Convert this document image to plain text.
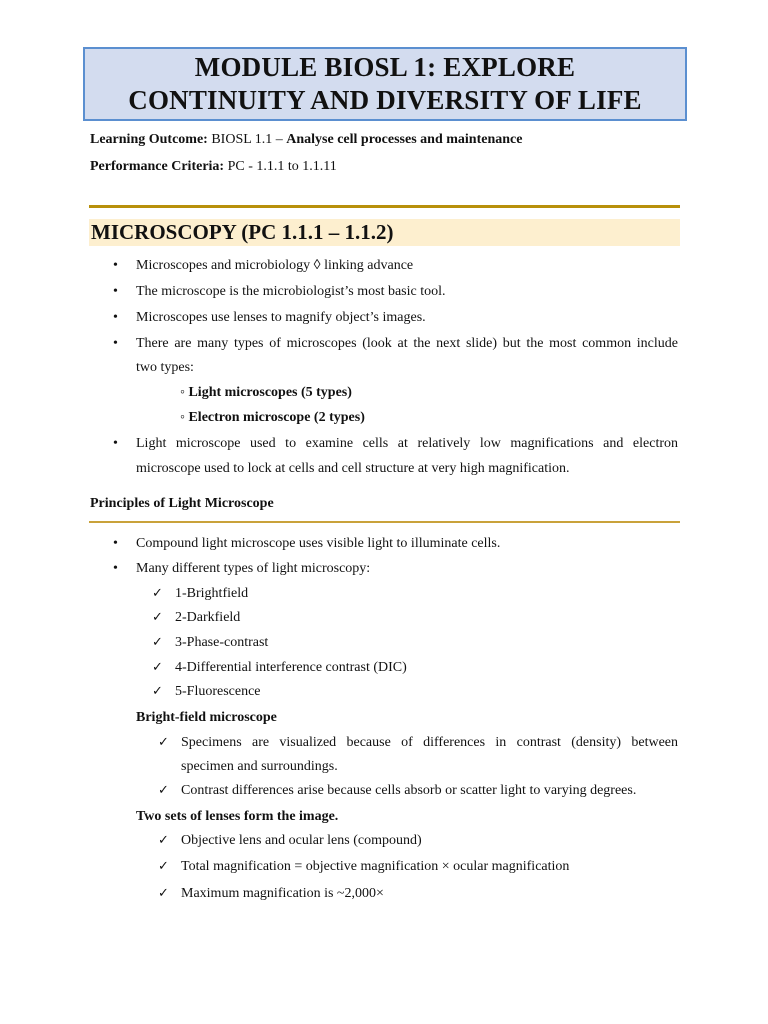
MODULE BIOSL 1: EXPLORE
CONTINUITY AND DIVERSITY OF LIFE
Learning Outcome: BIOSL 1.1 – Analyse cell processes and maintenance
Performance Criteria: PC - 1.1.1 to 1.1.11
MICROSCOPY (PC 1.1.1 – 1.1.2)
• Microscopes and microbiology ◊ linking advance
• The microscope is the microbiologist’s most basic tool.
• Microscopes use lenses to magnify object’s images.
• There are many types of microscopes (look at the next slide) but the most common include
two types:
◦ Light microscopes (5 types)
◦ Electron microscope (2 types)
• Light microscope used to examine cells at relatively low magnifications and electron
microscope used to lock at cells and cell structure at very high magnification.
Principles of Light Microscope
• Compound light microscope uses visible light to illuminate cells.
• Many different types of light microscopy:
✓ 1-Brightfield
✓ 2-Darkfield
✓ 3-Phase-contrast
✓ 4-Differential interference contrast (DIC)
✓ 5-Fluorescence
Bright-field microscope
✓ Specimens are visualized because of differences in contrast (density) between
specimen and surroundings.
✓ Contrast differences arise because cells absorb or scatter light to varying degrees.
Two sets of lenses form the image.
✓ Objective lens and ocular lens (compound)
✓ Total magnification = objective magnification × ocular magnification
✓ Maximum magnification is ~2,000×
